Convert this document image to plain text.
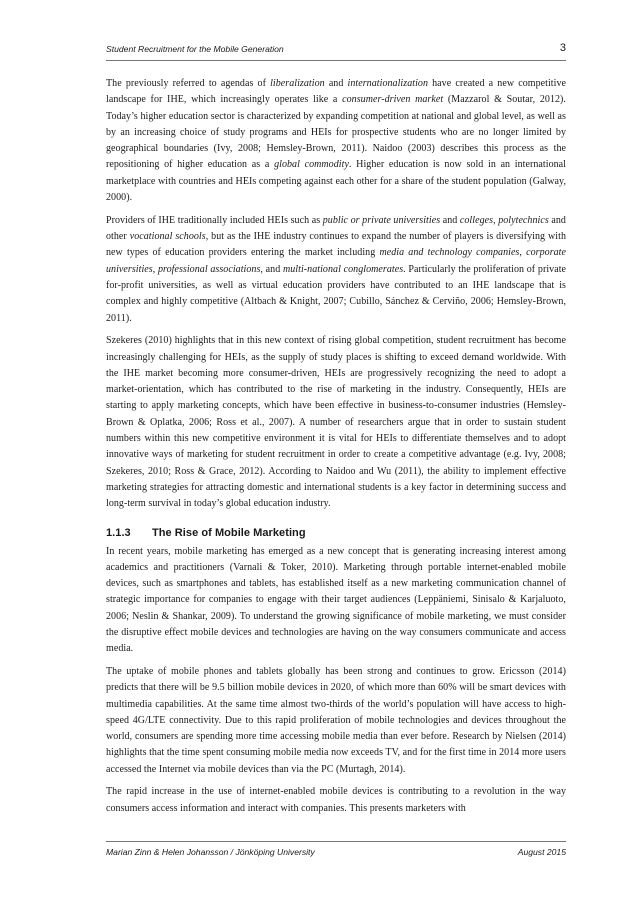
Student Recruitment for the Mobile Generation	3

The previously referred to agendas of liberalization and internationalization have created a new competitive landscape for IHE, which increasingly operates like a consumer-driven market (Mazzarol & Soutar, 2012). Today’s higher education sector is characterized by expanding competition at national and global level, as well as by an increasing choice of study programs and HEIs for prospective students who are no longer limited by geographical boundaries (Ivy, 2008; Hemsley-Brown, 2011). Naidoo (2003) describes this process as the repositioning of higher education as a global commodity. Higher education is now sold in an international marketplace with countries and HEIs competing against each other for a share of the student population (Galway, 2000).

Providers of IHE traditionally included HEIs such as public or private universities and colleges, polytechnics and other vocational schools, but as the IHE industry continues to expand the number of players is diversifying with new types of education providers entering the market including media and technology companies, corporate universities, professional associations, and multi-national conglomerates. Particularly the proliferation of private for-profit universities, as well as virtual education providers have contributed to an IHE landscape that is complex and highly competitive (Altbach & Knight, 2007; Cubillo, Sánchez & Cerviño, 2006; Hemsley-Brown, 2011).

Szekeres (2010) highlights that in this new context of rising global competition, student recruitment has become increasingly challenging for HEIs, as the supply of study places is shifting to exceed demand worldwide. With the IHE market becoming more consumer-driven, HEIs are progressively recognizing the need to adopt a market-orientation, which has contributed to the rise of marketing in the industry. Consequently, HEIs are starting to apply marketing concepts, which have been effective in business-to-consumer industries (Hemsley-Brown & Oplatka, 2006; Ross et al., 2007). A number of researchers argue that in order to sustain student numbers within this new competitive environment it is vital for HEIs to differentiate themselves and to adopt innovative ways of marketing for student recruitment in order to create a competitive advantage (e.g. Ivy, 2008; Szekeres, 2010; Ross & Grace, 2012). According to Naidoo and Wu (2011), the ability to implement effective marketing strategies for attracting domestic and international students is a key factor in determining success and long-term survival in today’s global education industry.

1.1.3 The Rise of Mobile Marketing

In recent years, mobile marketing has emerged as a new concept that is generating increasing interest among academics and practitioners (Varnali & Toker, 2010). Marketing through portable internet-enabled mobile devices, such as smartphones and tablets, has established itself as a new marketing communication channel of strategic importance for companies to engage with their target audiences (Leppäniemi, Sinisalo & Karjaluoto, 2006; Neslin & Shankar, 2009). To understand the growing significance of mobile marketing, we must consider the disruptive effect mobile devices and technologies are having on the way consumers communicate and access media.

The uptake of mobile phones and tablets globally has been strong and continues to grow. Ericsson (2014) predicts that there will be 9.5 billion mobile devices in 2020, of which more than 60% will be smart devices with multimedia capabilities. At the same time almost two-thirds of the world’s population will have access to high-speed 4G/LTE connectivity. Due to this rapid proliferation of mobile technologies and devices throughout the world, consumers are spending more time accessing mobile media than ever before. Research by Nielsen (2014) highlights that the time spent consuming mobile media now exceeds TV, and for the first time in 2014 more users accessed the Internet via mobile devices than via the PC (Murtagh, 2014).

The rapid increase in the use of internet-enabled mobile devices is contributing to a revolution in the way consumers access information and interact with companies. This presents marketers with

Marian Zinn & Helen Johansson / Jönköping University	August 2015
